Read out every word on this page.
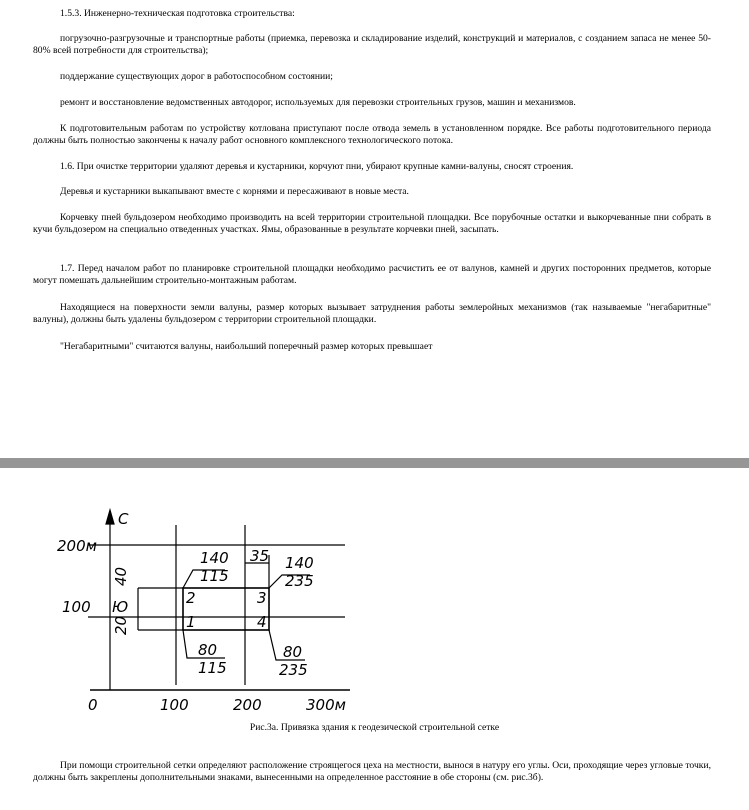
1.5.3. Инженерно-техническая подготовка строительства:

погрузочно-разгрузочные и транспортные работы (приемка, перевозка и складирование изделий, конструкций и материалов, с созданием запаса не менее 50-80% всей потребности для строительства);

поддержание существующих дорог в работоспособном состоянии;

ремонт и восстановление ведомственных автодорог, используемых для перевозки строительных грузов, машин и механизмов.

К подготовительным работам по устройству котлована приступают после отвода земель в установленном порядке. Все работы подготовительного периода должны быть полностью закончены к началу работ основного комплексного технологического потока.

1.6. При очистке территории удаляют деревья и кустарники, корчуют пни, убирают крупные камни-валуны, сносят строения.

Деревья и кустарники выкапывают вместе с корнями и пересаживают в новые места.

Корчевку пней бульдозером необходимо производить на всей территории строительной площадки. Все порубочные остатки и выкорчеванные пни собрать в кучи бульдозером на специально отведенных участках. Ямы, образованные в результате корчевки пней, засыпать.

1.7. Перед началом работ по планировке строительной площадки необходимо расчистить ее от валунов, камней и других посторонних предметов, которые могут помешать дальнейшим строительно-монтажным работам.

Находящиеся на поверхности земли валуны, размер которых вызывает затруднения работы землеройных механизмов (так называемые "негабаритные" валуны), должны быть удалены бульдозером с территории строительной площадки.

"Негабаритными" считаются валуны, наибольший поперечный размер которых превышает

С
200м
100 Ю
40
20
35
140
115
140
235
80
115
80
235
1
2	3
4
0	100	200	300м

Рис.3а. Привязка здания к геодезической строительной сетке

При помощи строительной сетки определяют расположение строящегося цеха на местности, вынося в натуру его углы. Оси, проходящие через угловые точки, должны быть закреплены дополнительными знаками, вынесенными на определенное расстояние в обе стороны (см. рис.3б).
